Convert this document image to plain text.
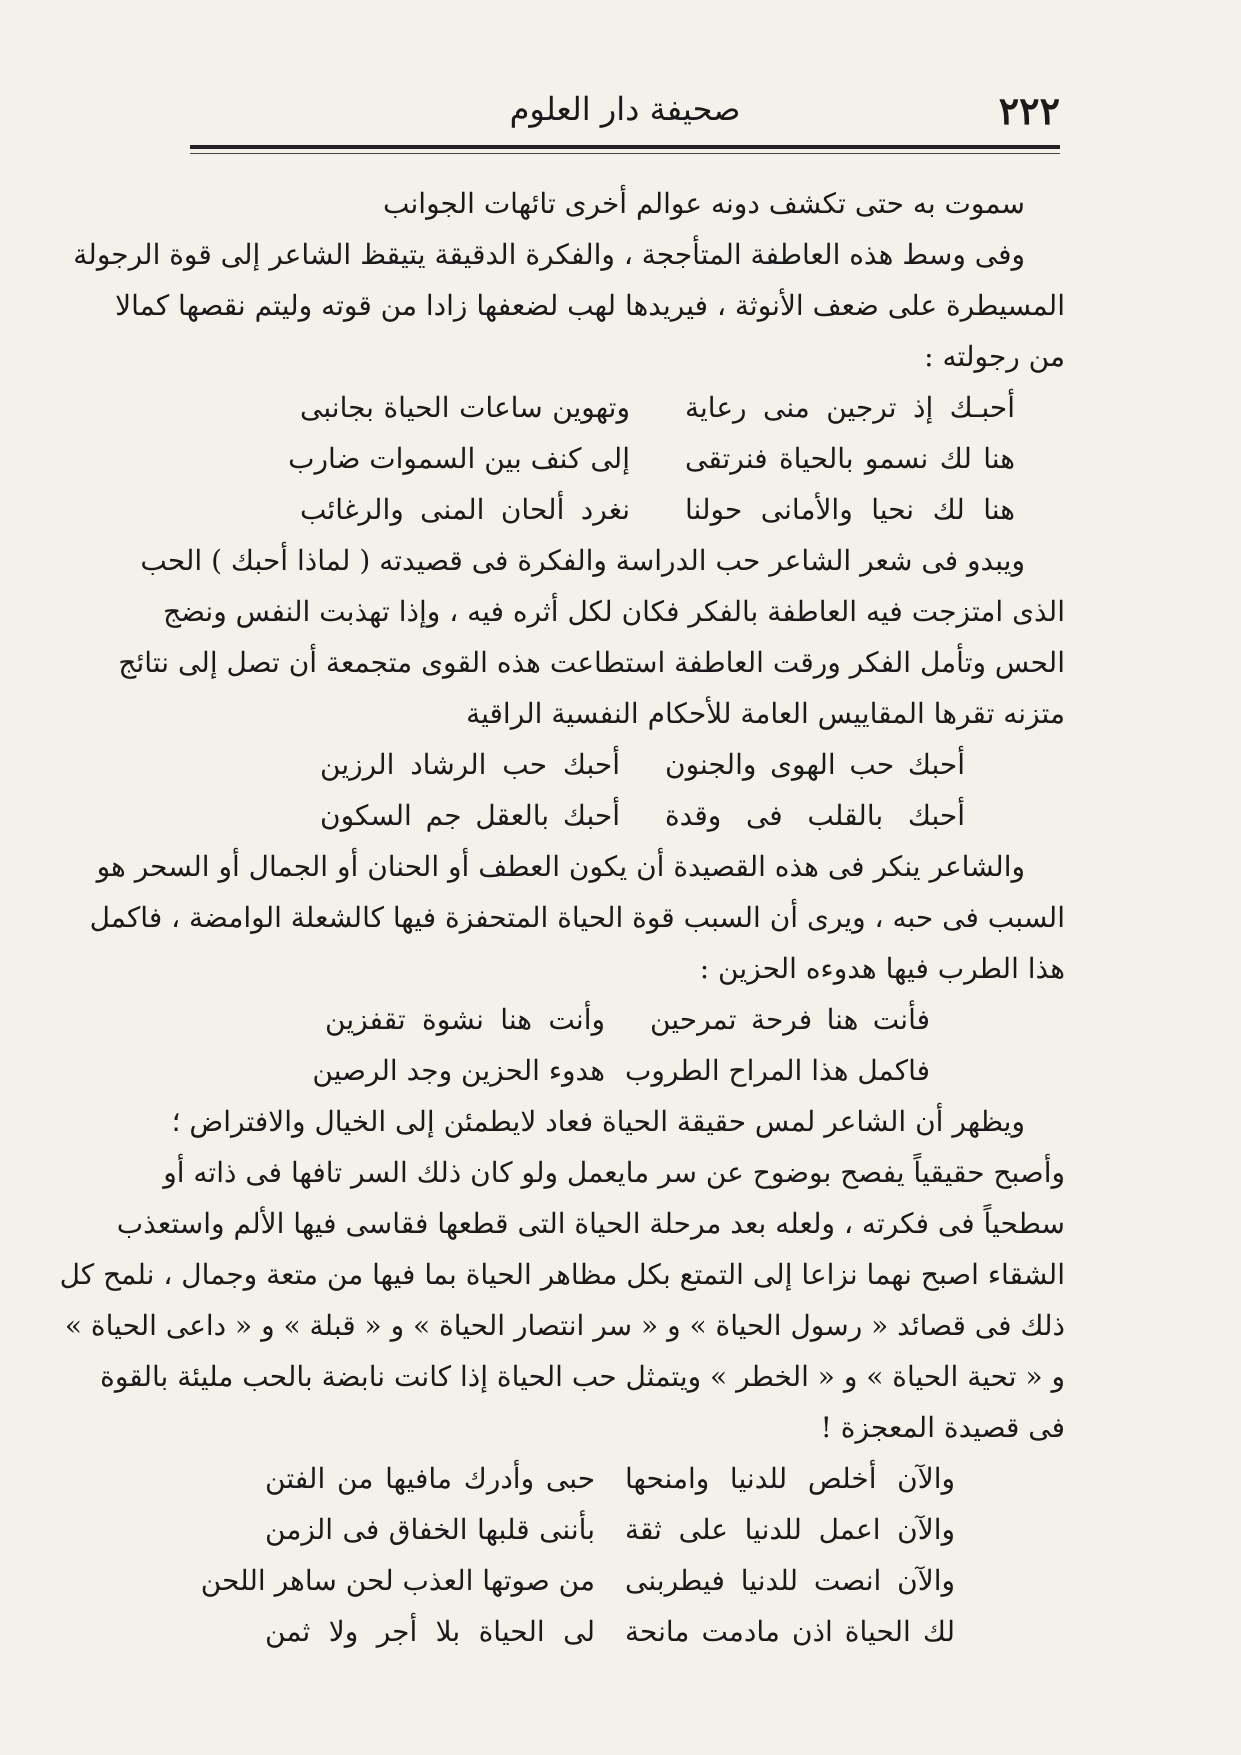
٢٢٢
صحيفة دار العلوم
سموت به حتى تكشف دونه عوالم أخرى تائهات الجوانب
وفى وسط هذه العاطفة المتأججة ، والفكرة الدقيقة يتيقظ الشاعر إلى قوة الرجولة
المسيطرة على ضعف الأنوثة ، فيريدها لهب لضعفها زادا من قوته وليتم نقصها كمالا
من رجولته :
أحبـك إذ ترجين منى رعاية
وتهوين ساعات الحياة بجانبى
هنا لك نسمو بالحياة فنرتقى
إلى كنف بين السموات ضارب
هنا لك نحيا والأمانى حولنا
نغرد ألحان المنى والرغائب
ويبدو فى شعر الشاعر حب الدراسة والفكرة فى قصيدته ( لماذا أحبك ) الحب
الذى امتزجت فيه العاطفة بالفكر فكان لكل أثره فيه ، وإذا تهذبت النفس ونضج
الحس وتأمل الفكر ورقت العاطفة استطاعت هذه القوى متجمعة أن تصل إلى نتائج
متزنه تقرها المقاييس العامة للأحكام النفسية الراقية
أحبك حب الهوى والجنون
أحبك حب الرشاد الرزين
أحبك بالقلب فى وقدة
أحبك بالعقل جم السكون
والشاعر ينكر فى هذه القصيدة أن يكون العطف أو الحنان أو الجمال أو السحر هو
السبب فى حبه ، ويرى أن السبب قوة الحياة المتحفزة فيها كالشعلة الوامضة ، فاكمل
هذا الطرب فيها هدوءه الحزين :
فأنت هنا فرحة تمرحين
وأنت هنا نشوة تقفزين
فاكمل هذا المراح الطروب
هدوء الحزين وجد الرصين
ويظهر أن الشاعر لمس حقيقة الحياة فعاد لايطمئن إلى الخيال والافتراض ؛
وأصبح حقيقياً يفصح بوضوح عن سر مايعمل ولو كان ذلك السر تافها فى ذاته أو
سطحياً فى فكرته ، ولعله بعد مرحلة الحياة التى قطعها فقاسى فيها الألم واستعذب
الشقاء اصبح نهما نزاعا إلى التمتع بكل مظاهر الحياة بما فيها من متعة وجمال ، نلمح كل
ذلك فى قصائد « رسول الحياة » و « سر انتصار الحياة » و « قبلة » و « داعى الحياة »
و « تحية الحياة » و « الخطر » ويتمثل حب الحياة إذا كانت نابضة بالحب مليئة بالقوة
فى قصيدة المعجزة !
والآن أخلص للدنيا وامنحها
حبى وأدرك مافيها من الفتن
والآن اعمل للدنيا على ثقة
بأننى قلبها الخفاق فى الزمن
والآن انصت للدنيا فيطربنى
من صوتها العذب لحن ساهر اللحن
لك الحياة اذن مادمت مانحة
لى الحياة بلا أجر ولا ثمن
